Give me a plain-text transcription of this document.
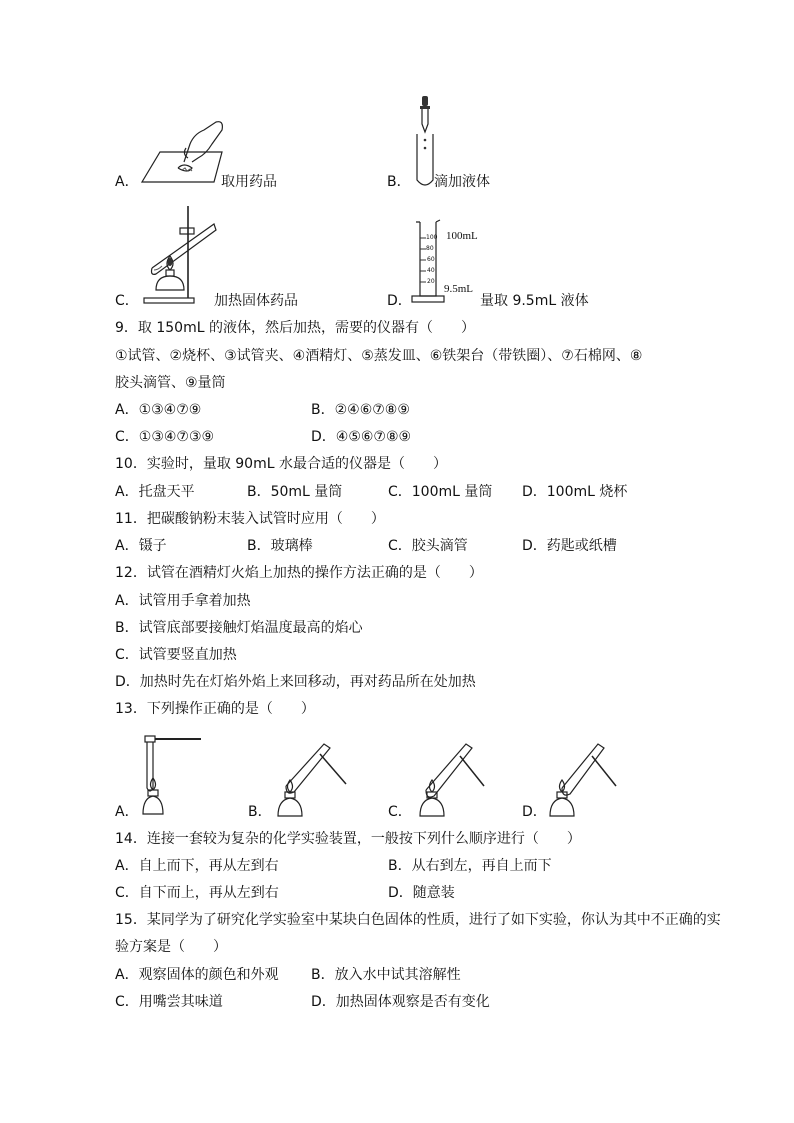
A．	取用药品	B． 滴加液体
C．	加热固体药品
100
80
60
40
20
100mL
9.5mL
D．	量取 9.5mL 液体
9．取 150mL 的液体，然后加热，需要的仪器有（　　）
①试管、②烧杯、③试管夹、④酒精灯、⑤蒸发皿、⑥铁架台（带铁圈）、⑦石棉网、⑧
胶头滴管、⑨量筒
A．①③④⑦⑨	B．②④⑥⑦⑧⑨
C．①③④⑦③⑨	D．④⑤⑥⑦⑧⑨
10．实验时，量取 90mL 水最合适的仪器是（　　）
A．托盘天平	B．50mL 量筒	C．100mL 量筒 D．100mL 烧杯
11．把碳酸钠粉末装入试管时应用（　　）
A．镊子	B．玻璃棒	C．胶头滴管	D．药匙或纸槽
12．试管在酒精灯火焰上加热的操作方法正确的是（　　）
A．试管用手拿着加热
B．试管底部要接触灯焰温度最高的焰心
C．试管要竖直加热
D．加热时先在灯焰外焰上来回移动，再对药品所在处加热
13．下列操作正确的是（　　）
A．	B．	C．	D．
14．连接一套较为复杂的化学实验装置，一般按下列什么顺序进行（　　）
A．自上而下，再从左到右	B．从右到左，再自上而下
C．自下而上，再从左到右	D．随意装
15．某同学为了研究化学实验室中某块白色固体的性质，进行了如下实验，你认为其中不正确的实
验方案是（　　）
A．观察固体的颜色和外观 B．放入水中试其溶解性
C．用嘴尝其味道	D．加热固体观察是否有变化
